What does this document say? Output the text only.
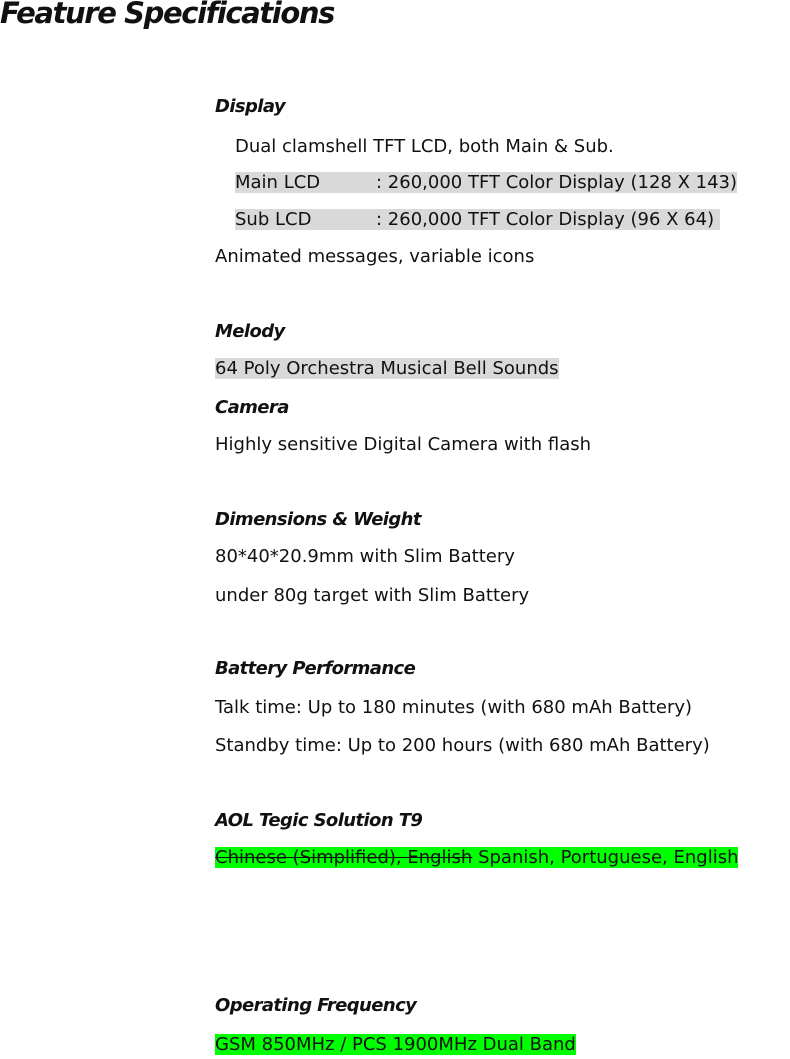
Feature Specifications
Display
Dual clamshell TFT LCD, both Main & Sub.
Main LCD	: 260,000 TFT Color Display (128 X 143)
Sub LCD	: 260,000 TFT Color Display (96 X 64)
Animated messages, variable icons
Melody
64 Poly Orchestra Musical Bell Sounds
Camera
Highly sensitive Digital Camera with flash
Dimensions & Weight
80*40*20.9mm with Slim Battery
under 80g target with Slim Battery
Battery Performance
Talk time: Up to 180 minutes (with 680 mAh Battery)
Standby time: Up to 200 hours (with 680 mAh Battery)
AOL Tegic Solution T9
Chinese (Simplified), English Spanish, Portuguese, English
Operating Frequency
GSM 850MHz / PCS 1900MHz Dual Band
